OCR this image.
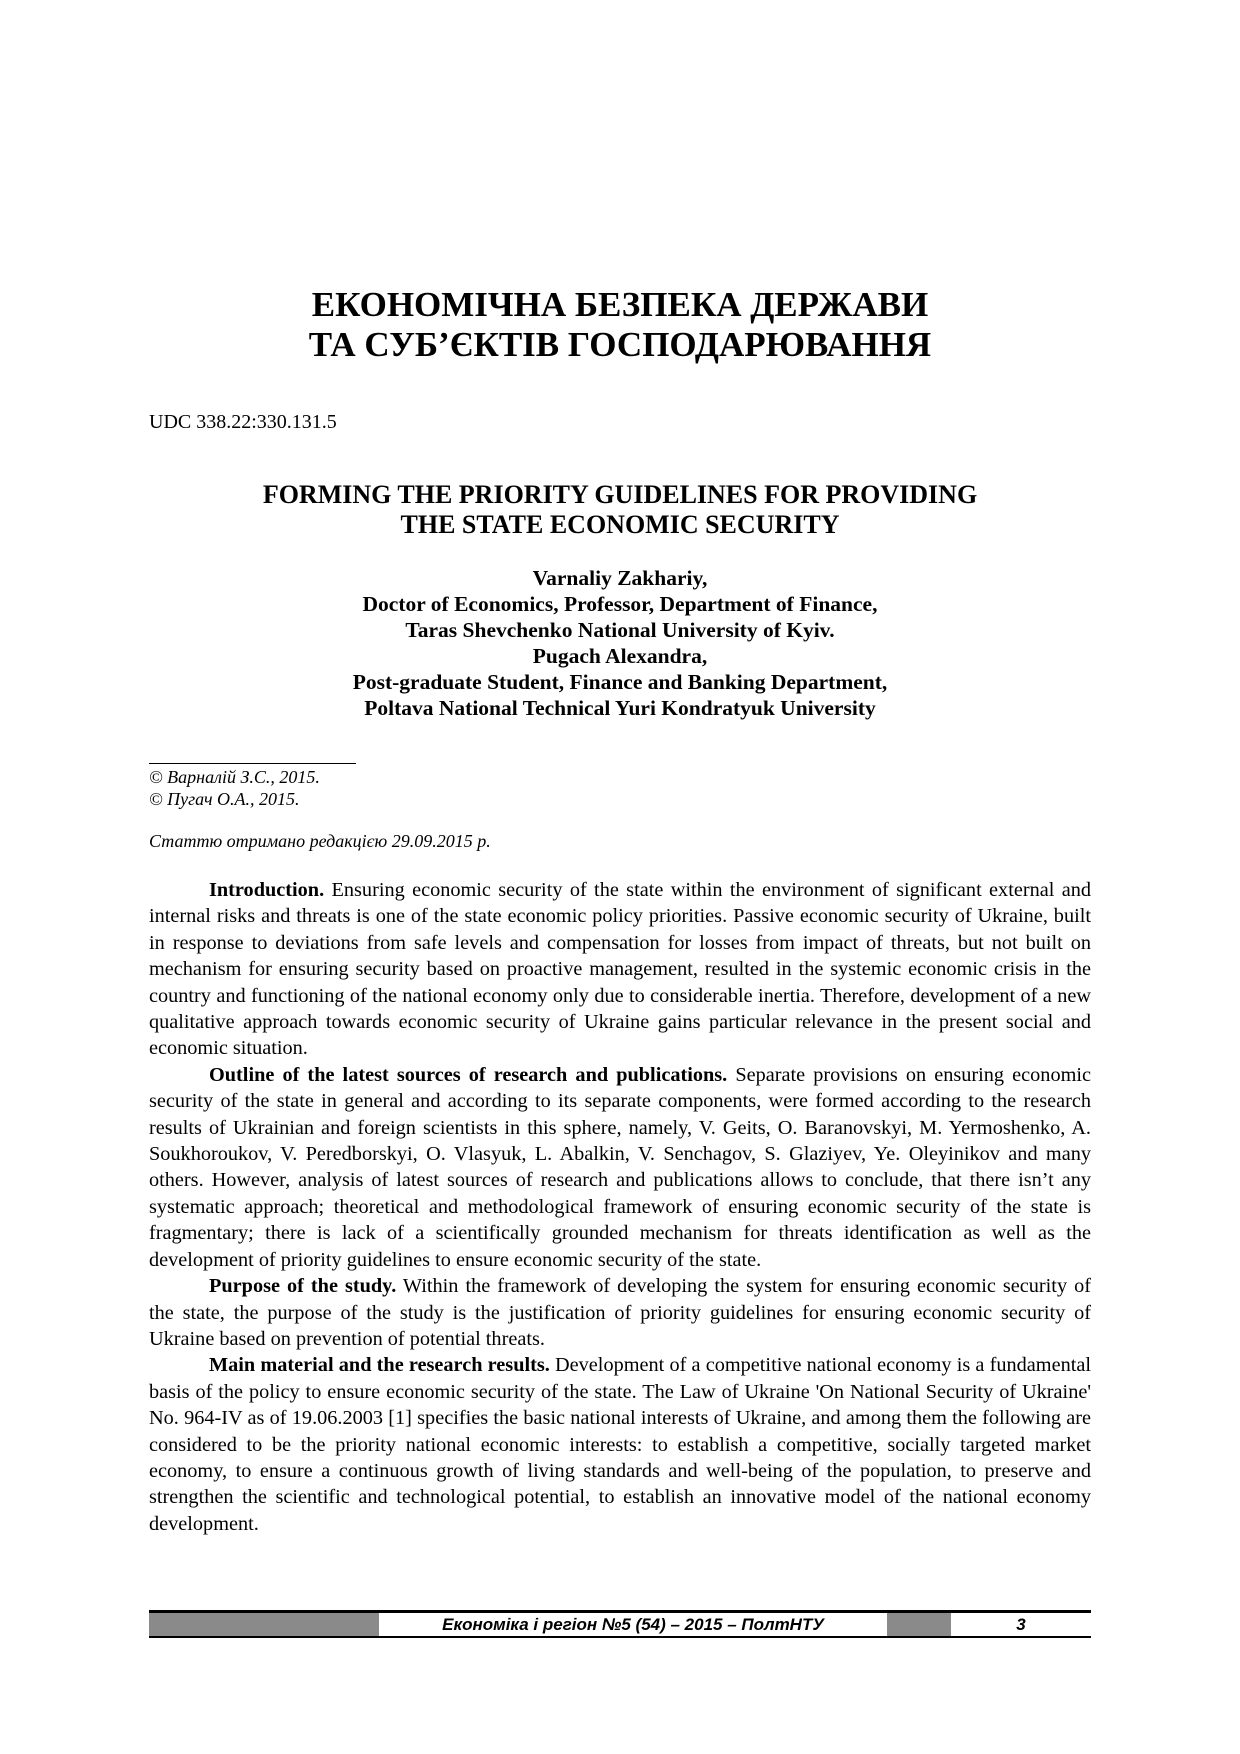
ЕКОНОМІЧНА БЕЗПЕКА ДЕРЖАВИ
ТА СУБ’ЄКТІВ ГОСПОДАРЮВАННЯ
UDC 338.22:330.131.5
FORMING THE PRIORITY GUIDELINES FOR PROVIDING
THE STATE ECONOMIC SECURITY
Varnaliy Zakhariy,
Doctor of Economics, Professor, Department of Finance,
Taras Shevchenko National University of Kyiv.
Pugach Alexandra,
Post-graduate Student, Finance and Banking Department,
Poltava National Technical Yuri Kondratyuk University
© Варналій З.С., 2015.
© Пугач О.А., 2015.
Статтю отримано редакцією 29.09.2015 р.

Introduction. Ensuring economic security of the state within the environment of significant external and internal risks and threats is one of the state economic policy priorities. Passive economic security of Ukraine, built in response to deviations from safe levels and compensation for losses from impact of threats, but not built on mechanism for ensuring security based on proactive management, resulted in the systemic economic crisis in the country and functioning of the national economy only due to considerable inertia. Therefore, development of a new qualitative approach towards economic security of Ukraine gains particular relevance in the present social and economic situation.

Outline of the latest sources of research and publications. Separate provisions on ensuring economic security of the state in general and according to its separate components, were formed according to the research results of Ukrainian and foreign scientists in this sphere, namely, V. Geits, O. Baranovskyi, M. Yermoshenko, A. Soukhoroukov, V. Peredborskyi, O. Vlasyuk, L. Abalkin, V. Senchagov, S. Glaziyev, Ye. Oleyinikov and many others. However, analysis of latest sources of research and publications allows to conclude, that there isn’t any systematic approach; theoretical and methodological framework of ensuring economic security of the state is fragmentary; there is lack of a scientifically grounded mechanism for threats identification as well as the development of priority guidelines to ensure economic security of the state.

Purpose of the study. Within the framework of developing the system for ensuring economic security of the state, the purpose of the study is the justification of priority guidelines for ensuring economic security of Ukraine based on prevention of potential threats.

Main material and the research results. Development of a competitive national economy is a fundamental basis of the policy to ensure economic security of the state. The Law of Ukraine 'On National Security of Ukraine' No. 964-IV as of 19.06.2003 [1] specifies the basic national interests of Ukraine, and among them the following are considered to be the priority national economic interests: to establish a competitive, socially targeted market economy, to ensure a continuous growth of living standards and well-being of the population, to preserve and strengthen the scientific and technological potential, to establish an innovative model of the national economy development.

Економіка і регіон №5 (54) – 2015 – ПолтНТУ	3
